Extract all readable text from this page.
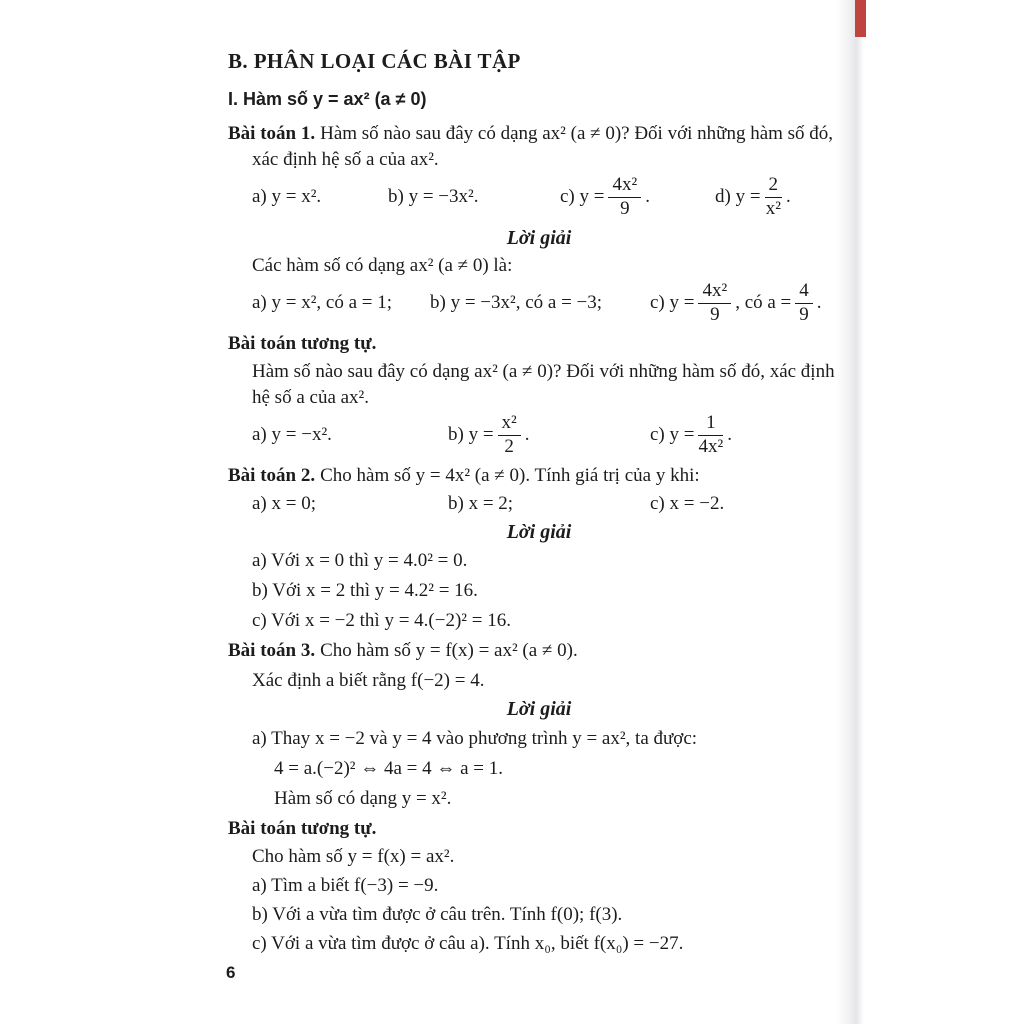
B. PHÂN LOẠI CÁC BÀI TẬP

I. Hàm số y = ax² (a ≠ 0)

Bài toán 1. Hàm số nào sau đây có dạng ax² (a ≠ 0)? Đối với những hàm số đó, xác định hệ số a của ax².

a) y = x².	b) y = −3x².	c) $y = \frac{\text{4x²}}{9}$ .	d) $y = \frac{2}{\text{x²}}$ .

Lời giải

Các hàm số có dạng ax² (a ≠ 0) là:

a) y = x², có a = 1; b) y = −3x², có a = −3;	c) $y = \frac{\text{4x²}}{9}$ , có $a = \frac{4}{9}$ .

Bài toán tương tự.

Hàm số nào sau đây có dạng ax² (a ≠ 0)? Đối với những hàm số đó, xác định hệ số a của ax².

a) y = −x².	b) $y = \frac{\text{x²}}{2}$ .	c) $y = \frac{1}{\text{4x²}}$ .

Bài toán 2. Cho hàm số y = 4x² (a ≠ 0). Tính giá trị của y khi:

a) x = 0;	b) x = 2;	c) x = −2.

Lời giải

a) Với x = 0 thì y = 4.0² = 0.

b) Với x = 2 thì y = 4.2² = 16.

c) Với x = −2 thì y = 4.(−2)² = 16.

Bài toán 3. Cho hàm số y = f(x) = ax² (a ≠ 0).

Xác định a biết rằng f(−2) = 4.

Lời giải

a) Thay x = −2 và y = 4 vào phương trình y = ax², ta được:

4 = a.(−2)² ⇔ 4a = 4 ⇔ a = 1.

Hàm số có dạng y = x².

Bài toán tương tự.

Cho hàm số y = f(x) = ax².

a) Tìm a biết f(−3) = −9.

b) Với a vừa tìm được ở câu trên. Tính f(0); f(3).

c) Với a vừa tìm được ở câu a). Tính x₀, biết f(x₀) = −27.

6
